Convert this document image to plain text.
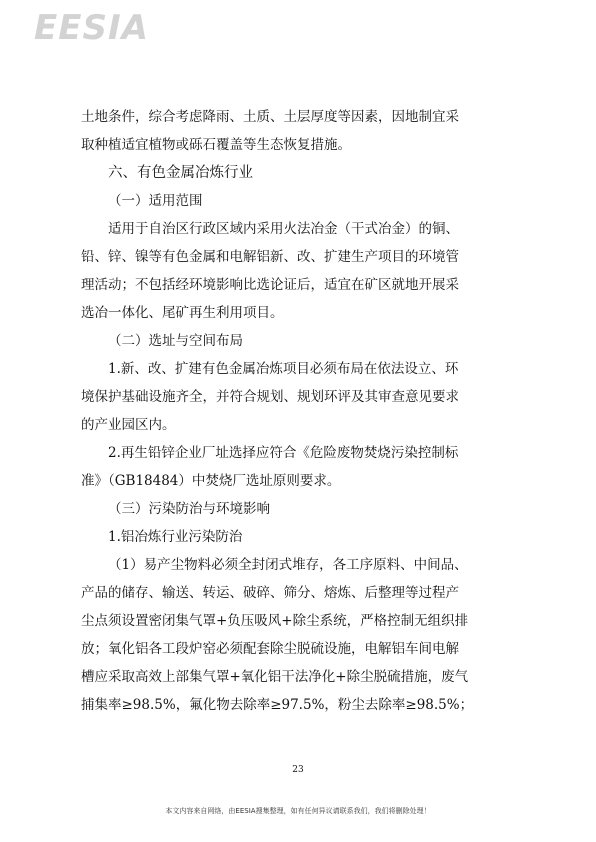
EESIA
土地条件，综合考虑降雨、土质、土层厚度等因素，因地制宜采
取种植适宜植物或砾石覆盖等生态恢复措施。
六、有色金属冶炼行业
（一）适用范围
适用于自治区行政区域内采用火法冶金（干式冶金）的铜、
铅、锌、镍等有色金属和电解铝新、改、扩建生产项目的环境管
理活动；不包括经环境影响比选论证后，适宜在矿区就地开展采
选冶一体化、尾矿再生利用项目。
（二）选址与空间布局
1.新、改、扩建有色金属冶炼项目必须布局在依法设立、环
境保护基础设施齐全，并符合规划、规划环评及其审查意见要求
的产业园区内。
2.再生铅锌企业厂址选择应符合《危险废物焚烧污染控制标
准》（GB18484）中焚烧厂选址原则要求。
（三）污染防治与环境影响
1.铝冶炼行业污染防治
（1）易产尘物料必须全封闭式堆存，各工序原料、中间品、
产品的储存、输送、转运、破碎、筛分、熔炼、后整理等过程产
尘点须设置密闭集气罩+负压吸风+除尘系统，严格控制无组织排
放；氧化铝各工段炉窑必须配套除尘脱硫设施，电解铝车间电解
槽应采取高效上部集气罩+氧化铝干法净化+除尘脱硫措施，废气
捕集率≥98.5%，氟化物去除率≥97.5%，粉尘去除率≥98.5%；
23
本文内容来自网络，由EESIA搜集整理，如有任何异议请联系我们，我们将删除处理！
